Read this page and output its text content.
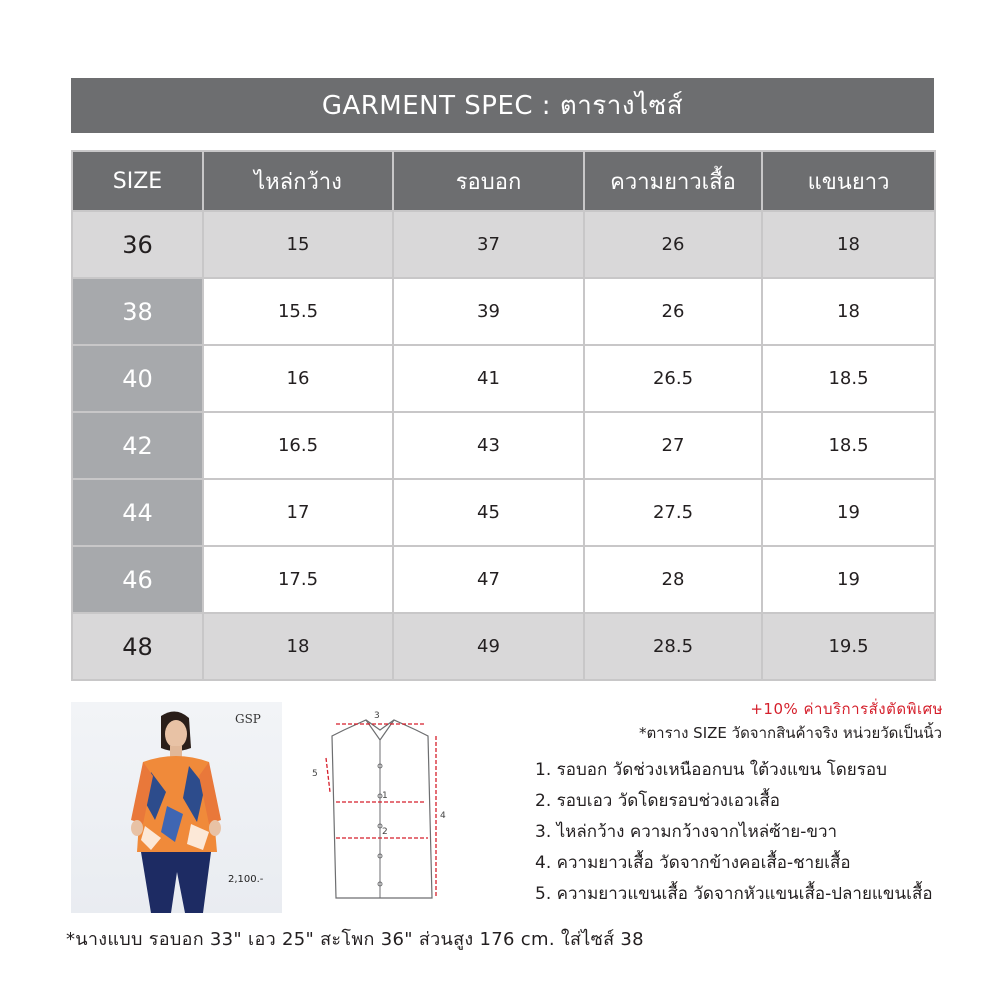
GARMENT SPEC : ตารางไซส์
SIZE	ไหล่กว้าง	รอบอก	ความยาวเสื้อ	แขนยาว
36	15	37	26	18
38	15.5	39	26	18
40	16	41	26.5	18.5
42	16.5	43	27	18.5
44	17	45	27.5	19
46	17.5	47	28	19
48	18	49	28.5	19.5
GSP
2,100.-
3
1
2
4
5
+10% ค่าบริการสั่งตัดพิเศษ
*ตาราง SIZE วัดจากสินค้าจริง หน่วยวัดเป็นนิ้ว
1. รอบอก วัดช่วงเหนืออกบน ใต้วงแขน โดยรอบ
2. รอบเอว วัดโดยรอบช่วงเอวเสื้อ
3. ไหล่กว้าง ความกว้างจากไหล่ซ้าย-ขวา
4. ความยาวเสื้อ วัดจากข้างคอเสื้อ-ชายเสื้อ
5. ความยาวแขนเสื้อ วัดจากหัวแขนเสื้อ-ปลายแขนเสื้อ
*นางแบบ รอบอก 33" เอว 25" สะโพก 36" ส่วนสูง 176 cm. ใส่ไซส์ 38
